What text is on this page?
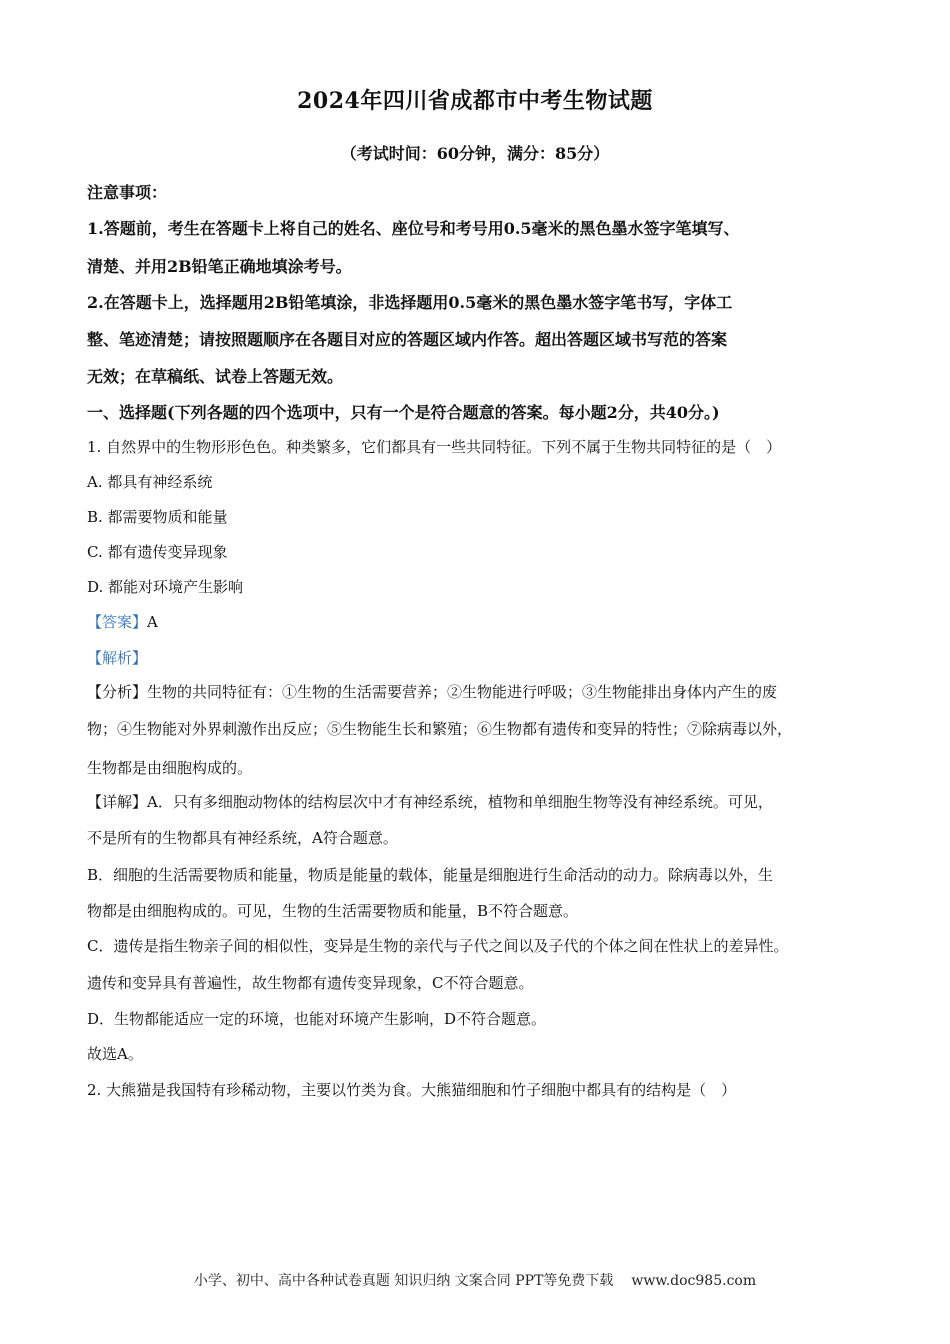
2024年四川省成都市中考生物试题
（考试时间：60分钟，满分：85分）
注意事项：
1.答题前，考生在答题卡上将自己的姓名、座位号和考号用0.5毫米的黑色墨水签字笔填写、
清楚、并用2B铅笔正确地填涂考号。
2.在答题卡上，选择题用2B铅笔填涂，非选择题用0.5毫米的黑色墨水签字笔书写，字体工
整、笔迹清楚；请按照题顺序在各题目对应的答题区域内作答。超出答题区域书写范的答案
无效；在草稿纸、试卷上答题无效。
一、选择题(下列各题的四个选项中，只有一个是符合题意的答案。每小题2分，共40分。)
1. 自然界中的生物形形色色。种类繁多，它们都具有一些共同特征。下列不属于生物共同特征的是（　）
A. 都具有神经系统
B. 都需要物质和能量
C. 都有遗传变异现象
D. 都能对环境产生影响
【答案】A
【解析】
【分析】生物的共同特征有：①生物的生活需要营养；②生物能进行呼吸；③生物能排出身体内产生的废
物；④生物能对外界刺激作出反应；⑤生物能生长和繁殖；⑥生物都有遗传和变异的特性；⑦除病毒以外，
生物都是由细胞构成的。
【详解】A．只有多细胞动物体的结构层次中才有神经系统，植物和单细胞生物等没有神经系统。可见，
不是所有的生物都具有神经系统，A符合题意。
B．细胞的生活需要物质和能量，物质是能量的载体，能量是细胞进行生命活动的动力。除病毒以外，生
物都是由细胞构成的。可见，生物的生活需要物质和能量，B不符合题意。
C．遗传是指生物亲子间的相似性，变异是生物的亲代与子代之间以及子代的个体之间在性状上的差异性。
遗传和变异具有普遍性，故生物都有遗传变异现象，C不符合题意。
D．生物都能适应一定的环境，也能对环境产生影响，D不符合题意。
故选A。
2. 大熊猫是我国特有珍稀动物，主要以竹类为食。大熊猫细胞和竹子细胞中都具有的结构是（　）
小学、初中、高中各种试卷真题 知识归纳 文案合同 PPT等免费下载 www.doc985.com
